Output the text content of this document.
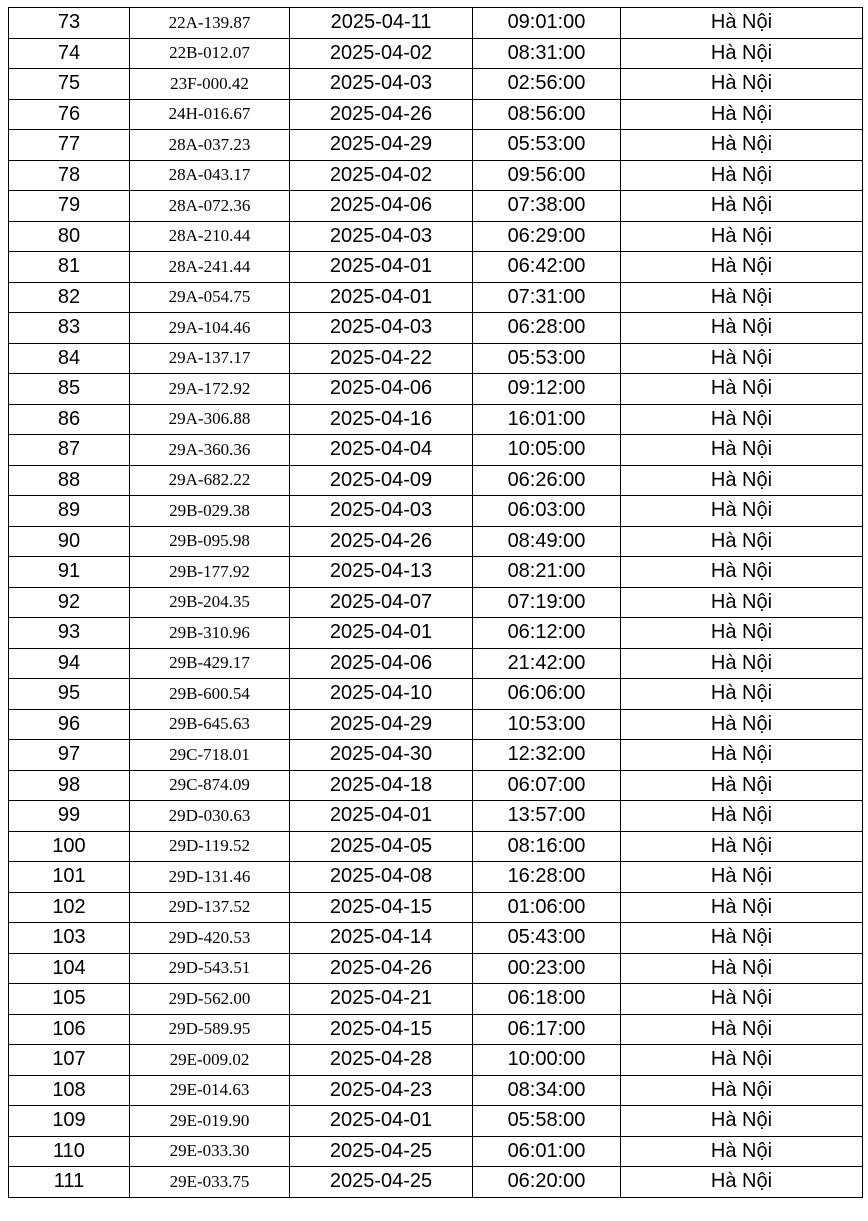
73	22A-139.87	2025-04-11	09:01:00	Hà Nội
74	22B-012.07	2025-04-02	08:31:00	Hà Nội
75	23F-000.42	2025-04-03	02:56:00	Hà Nội
76	24H-016.67	2025-04-26	08:56:00	Hà Nội
77	28A-037.23	2025-04-29	05:53:00	Hà Nội
78	28A-043.17	2025-04-02	09:56:00	Hà Nội
79	28A-072.36	2025-04-06	07:38:00	Hà Nội
80	28A-210.44	2025-04-03	06:29:00	Hà Nội
81	28A-241.44	2025-04-01	06:42:00	Hà Nội
82	29A-054.75	2025-04-01	07:31:00	Hà Nội
83	29A-104.46	2025-04-03	06:28:00	Hà Nội
84	29A-137.17	2025-04-22	05:53:00	Hà Nội
85	29A-172.92	2025-04-06	09:12:00	Hà Nội
86	29A-306.88	2025-04-16	16:01:00	Hà Nội
87	29A-360.36	2025-04-04	10:05:00	Hà Nội
88	29A-682.22	2025-04-09	06:26:00	Hà Nội
89	29B-029.38	2025-04-03	06:03:00	Hà Nội
90	29B-095.98	2025-04-26	08:49:00	Hà Nội
91	29B-177.92	2025-04-13	08:21:00	Hà Nội
92	29B-204.35	2025-04-07	07:19:00	Hà Nội
93	29B-310.96	2025-04-01	06:12:00	Hà Nội
94	29B-429.17	2025-04-06	21:42:00	Hà Nội
95	29B-600.54	2025-04-10	06:06:00	Hà Nội
96	29B-645.63	2025-04-29	10:53:00	Hà Nội
97	29C-718.01	2025-04-30	12:32:00	Hà Nội
98	29C-874.09	2025-04-18	06:07:00	Hà Nội
99	29D-030.63	2025-04-01	13:57:00	Hà Nội
100	29D-119.52	2025-04-05	08:16:00	Hà Nội
101	29D-131.46	2025-04-08	16:28:00	Hà Nội
102	29D-137.52	2025-04-15	01:06:00	Hà Nội
103	29D-420.53	2025-04-14	05:43:00	Hà Nội
104	29D-543.51	2025-04-26	00:23:00	Hà Nội
105	29D-562.00	2025-04-21	06:18:00	Hà Nội
106	29D-589.95	2025-04-15	06:17:00	Hà Nội
107	29E-009.02	2025-04-28	10:00:00	Hà Nội
108	29E-014.63	2025-04-23	08:34:00	Hà Nội
109	29E-019.90	2025-04-01	05:58:00	Hà Nội
110	29E-033.30	2025-04-25	06:01:00	Hà Nội
111	29E-033.75	2025-04-25	06:20:00	Hà Nội
